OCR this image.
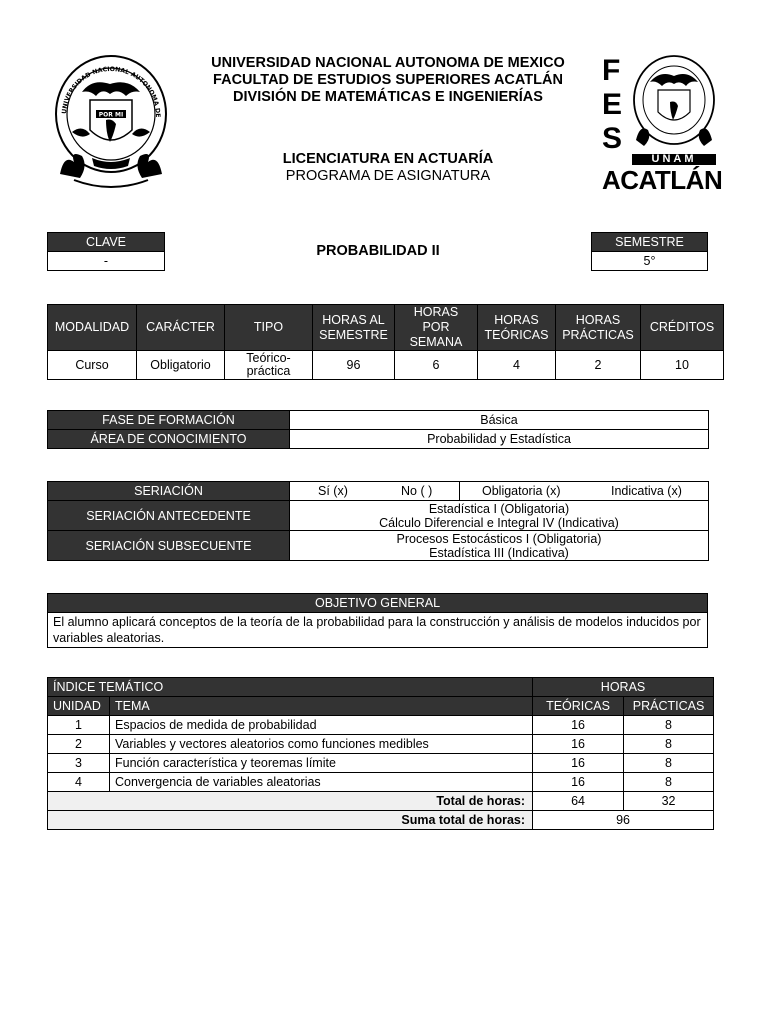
UNIVERSIDAD NACIONAL AUTONOMA DE
POR MI
UNIVERSIDAD NACIONAL AUTONOMA DE MEXICO
FACULTAD DE ESTUDIOS SUPERIORES ACATLÁN
DIVISIÓN DE MATEMÁTICAS E INGENIERÍAS
LICENCIATURA EN ACTUARÍA
PROGRAMA DE ASIGNATURA
F
E
S
UNAM
ACATLÁN
CLAVE
-
PROBABILIDAD II
SEMESTRE
5°
MODALIDAD	CARÁCTER	TIPO	HORAS AL SEMESTRE	HORAS POR SEMANA	HORAS TEÓRICAS	HORAS PRÁCTICAS	CRÉDITOS
Curso	Obligatorio	Teórico-práctica	96	6	4	2	10
FASE DE FORMACIÓN	Básica
ÁREA DE CONOCIMIENTO	Probabilidad y Estadística
SERIACIÓN	Sí (x) No ( )	Obligatoria (x) Indicativa (x)

SERIACIÓN ANTECEDENTE	Estadística I (Obligatoria)
Cálculo Diferencial e Integral IV (Indicativa)	

SERIACIÓN SUBSECUENTE	Procesos Estocásticos I (Obligatoria)
Estadística III (Indicativa)	
OBJETIVO GENERAL
El alumno aplicará conceptos de la teoría de la probabilidad para la construcción y análisis de modelos inducidos por variables aleatorias.
ÍNDICE TEMÁTICO		HORAS	
UNIDAD	TEMA	TEÓRICAS	PRÁCTICAS
1	Espacios de medida de probabilidad	16	8
2	Variables y vectores aleatorios como funciones medibles	16	8
3	Función característica y teoremas límite	16	8
4	Convergencia de variables aleatorias	16	8
Total de horas:		64	32
Suma total de horas:		96	
